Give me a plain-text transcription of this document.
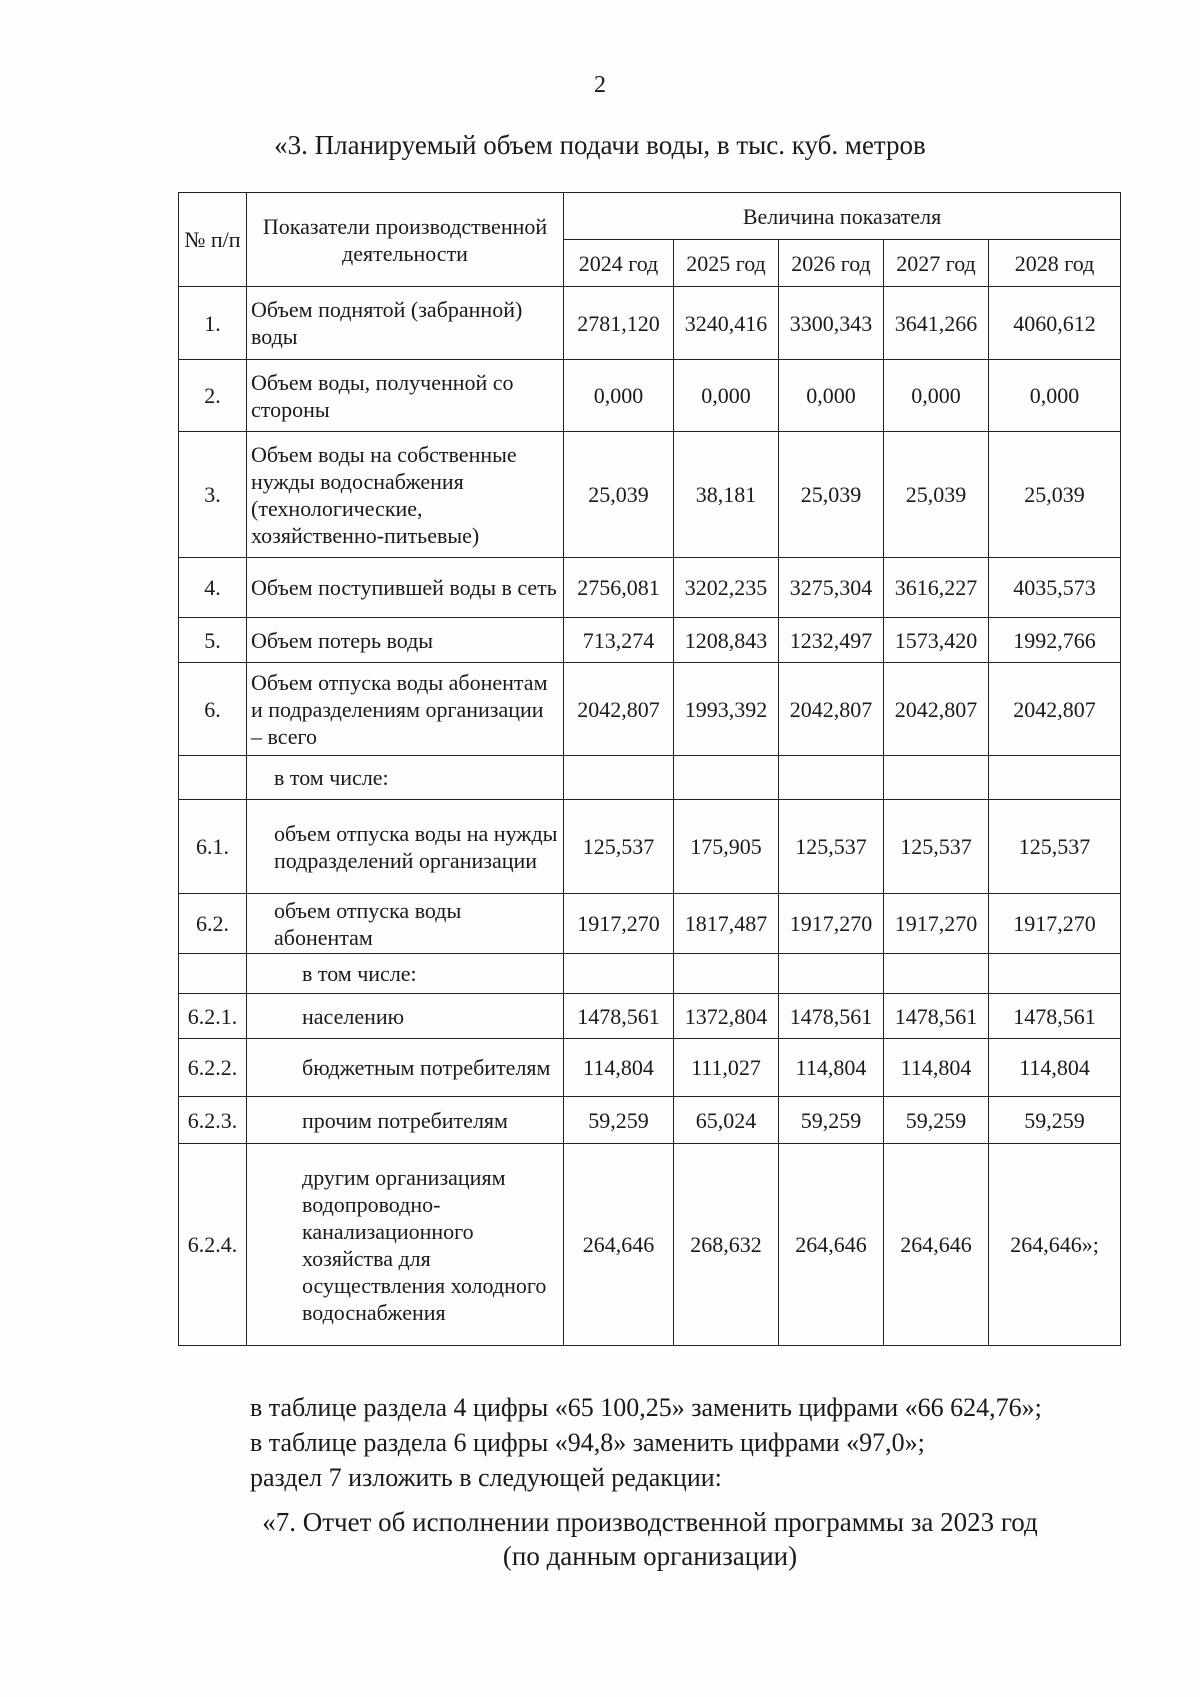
2
«3. Планируемый объем подачи воды, в тыс. куб. метров
№ п/п	Показатели производственной деятельности	Величина показателя				
		2024 год	2025 год	2026 год	2027 год	2028 год
1.	Объем поднятой (забранной) воды	2781,120	3240,416	3300,343	3641,266	4060,612
2.	Объем воды, полученной со стороны	0,000	0,000	0,000	0,000	0,000
3.	Объем воды на собственные нужды водоснабжения (технологические, хозяйственно-питьевые)	25,039	38,181	25,039	25,039	25,039
4.	Объем поступившей воды в сеть	2756,081	3202,235	3275,304	3616,227	4035,573
5.	Объем потерь воды	713,274	1208,843	1232,497	1573,420	1992,766
6.	Объем отпуска воды абонентам и подразделениям организации – всего	2042,807	1993,392	2042,807	2042,807	2042,807
	в том числе:					
6.1.	объем отпуска воды на нужды подразделений организации	125,537	175,905	125,537	125,537	125,537
6.2.	объем отпуска воды абонентам	1917,270	1817,487	1917,270	1917,270	1917,270
	в том числе:					
6.2.1.	населению	1478,561	1372,804	1478,561	1478,561	1478,561
6.2.2.	бюджетным потребителям	114,804	111,027	114,804	114,804	114,804
6.2.3.	прочим потребителям	59,259	65,024	59,259	59,259	59,259
6.2.4.	другим организациям водопроводно-канализационного хозяйства для осуществления холодного водоснабжения	264,646	268,632	264,646	264,646	264,646»;
в таблице раздела 4 цифры «65 100,25» заменить цифрами «66 624,76»;
в таблице раздела 6 цифры «94,8» заменить цифрами «97,0»;
раздел 7 изложить в следующей редакции:
«7. Отчет об исполнении производственной программы за 2023 год
(по данным организации)
